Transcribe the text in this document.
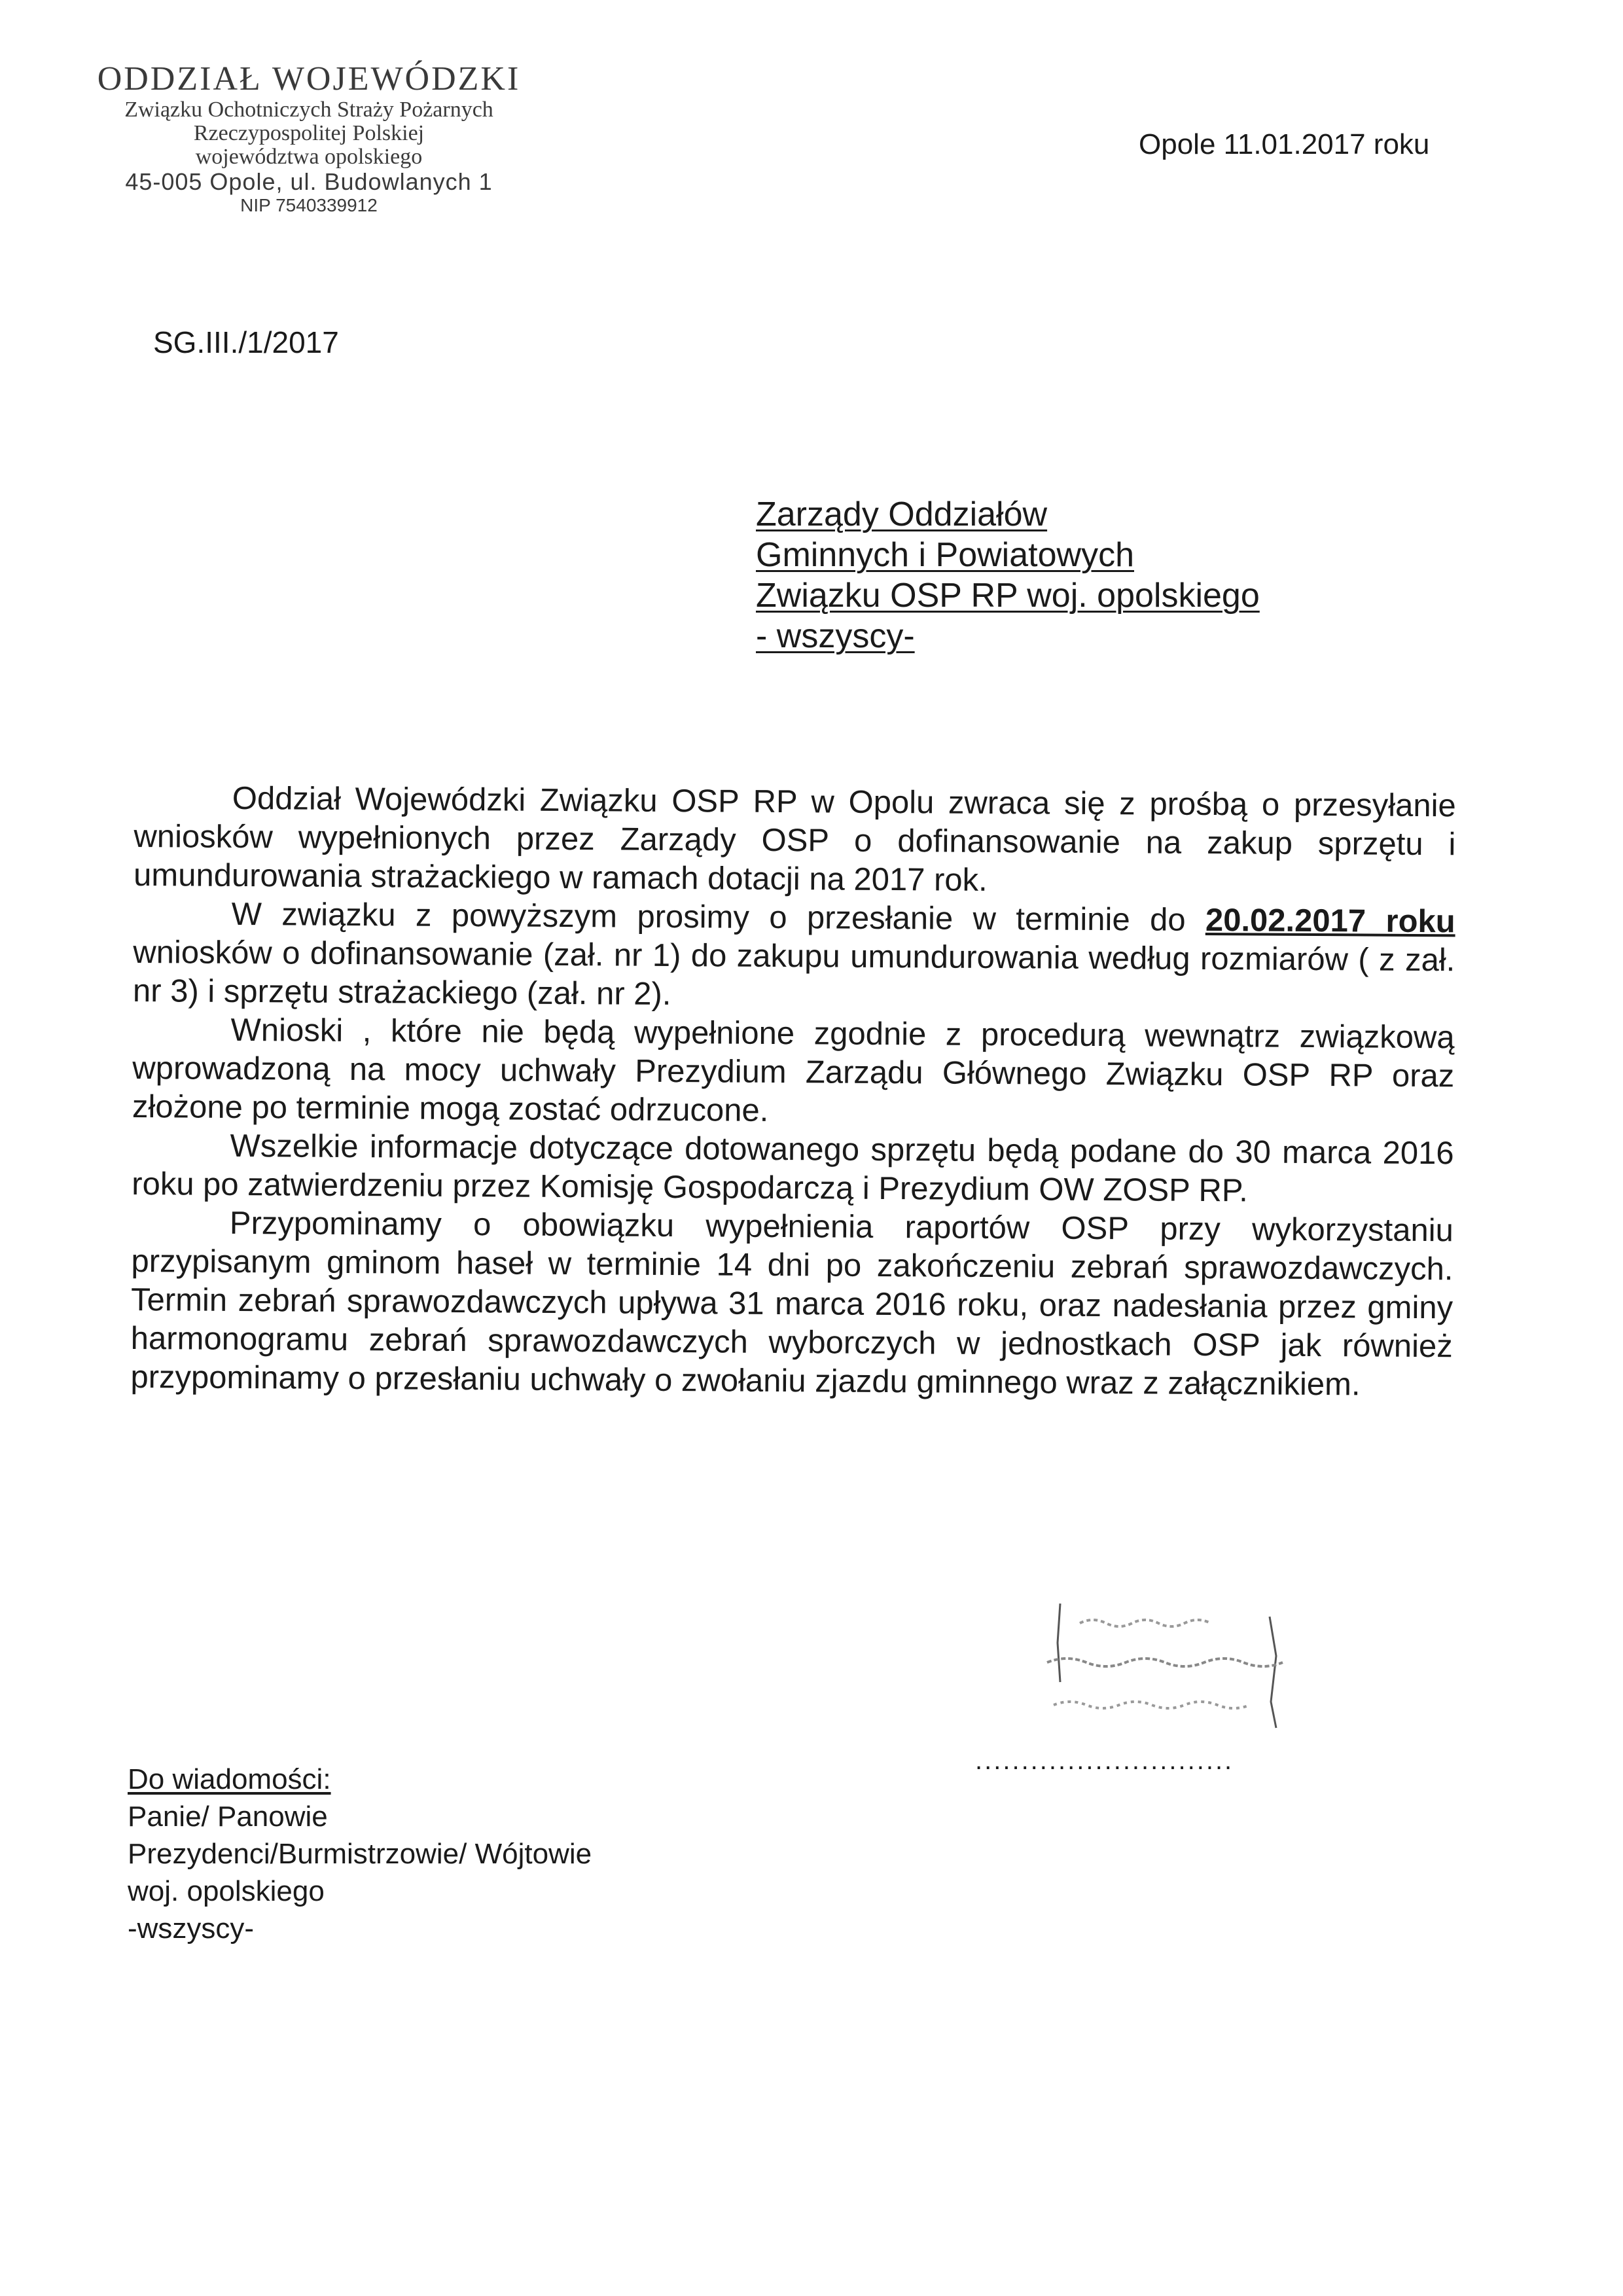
ODDZIAŁ WOJEWÓDZKI
Związku Ochotniczych Straży Pożarnych
Rzeczypospolitej Polskiej
województwa opolskiego
45-005 Opole, ul. Budowlanych 1
NIP 7540339912
Opole 11.01.2017 roku
SG.III./1/2017
Zarządy Oddziałów
Gminnych i Powiatowych
Związku OSP RP woj. opolskiego
- wszyscy-

Oddział Wojewódzki Związku OSP RP w Opolu zwraca się z prośbą o przesyłanie wniosków wypełnionych przez Zarządy OSP o dofinansowanie na zakup sprzętu i umundurowania strażackiego w ramach dotacji na 2017 rok.

W związku z powyższym prosimy o przesłanie w terminie do 20.02.2017 roku wniosków o dofinansowanie (zał. nr 1) do zakupu umundurowania według rozmiarów ( z zał. nr 3) i sprzętu strażackiego (zał. nr 2).

Wnioski , które nie będą wypełnione zgodnie z procedurą wewnątrz związkową wprowadzoną na mocy uchwały Prezydium Zarządu Głównego Związku OSP RP oraz złożone po terminie mogą zostać odrzucone.

Wszelkie informacje dotyczące dotowanego sprzętu będą podane do 30 marca 2016 roku po zatwierdzeniu przez Komisję Gospodarczą i Prezydium OW ZOSP RP.

Przypominamy o obowiązku wypełnienia raportów OSP przy wykorzystaniu przypisanym gminom haseł w terminie 14 dni po zakończeniu zebrań sprawozdawczych. Termin zebrań sprawozdawczych upływa 31 marca 2016 roku, oraz nadesłania przez gminy harmonogramu zebrań sprawozdawczych wyborczych w jednostkach OSP jak również przypominamy o przesłaniu uchwały o zwołaniu zjazdu gminnego wraz z załącznikiem.

............................
Do wiadomości:
Panie/ Panowie
Prezydenci/Burmistrzowie/ Wójtowie
woj. opolskiego
-wszyscy-
